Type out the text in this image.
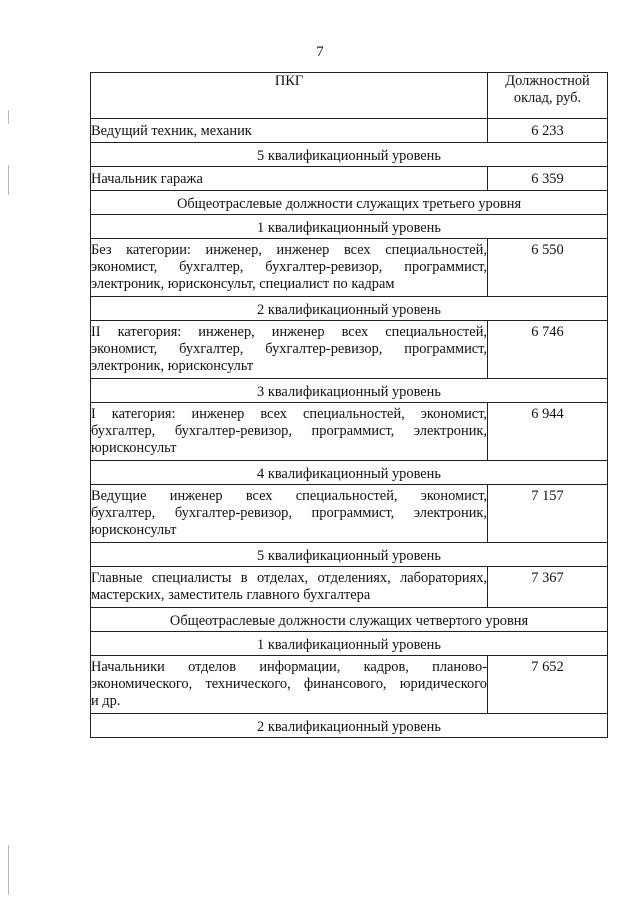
7
ПКГ	Должностной
оклад, руб.

Ведущий техник, механик	6 233
5 квалификационный уровень	

Начальник гаража	6 359
Общеотраслевые должности служащих третьего уровня	
1 квалификационный уровень	

Без категории: инженер, инженер всех специальностей,
экономист, бухгалтер, бухгалтер-ревизор, программист,
электроник, юрисконсульт, специалист по кадрам	6 550
2 квалификационный уровень	

II категория: инженер, инженер всех специальностей,
экономист, бухгалтер, бухгалтер-ревизор, программист,
электроник, юрисконсульт	6 746
3 квалификационный уровень	

I категория: инженер всех специальностей, экономист,
бухгалтер, бухгалтер-ревизор, программист, электроник,
юрисконсульт	6 944
4 квалификационный уровень	

Ведущие инженер всех специальностей, экономист,
бухгалтер, бухгалтер-ревизор, программист, электроник,
юрисконсульт	7 157
5 квалификационный уровень	

Главные специалисты в отделах, отделениях, лабораториях,
мастерских, заместитель главного бухгалтера	7 367
Общеотраслевые должности служащих четвертого уровня	
1 квалификационный уровень	

Начальники отделов информации, кадров, планово-
экономического, технического, финансового, юридического
и др.	7 652
2 квалификационный уровень	
